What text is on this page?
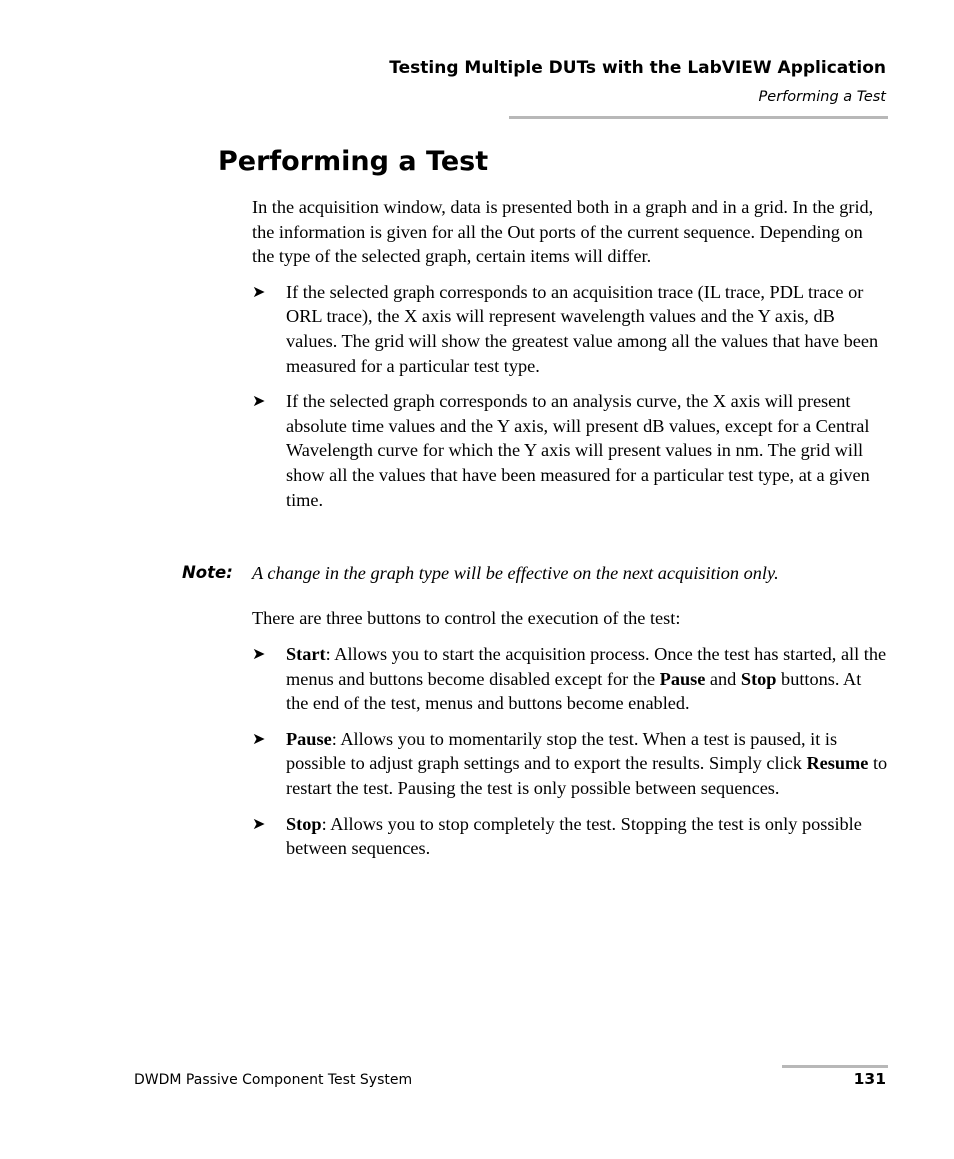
Testing Multiple DUTs with the LabVIEW Application
Performing a Test
Performing a Test

In the acquisition window, data is presented both in a graph and in a grid. In the grid, the information is given for all the Out ports of the current sequence. Depending on the type of the selected graph, certain items will differ.

➤ If the selected graph corresponds to an acquisition trace (IL trace, PDL trace or ORL trace), the X axis will represent wavelength values and the Y axis, dB values. The grid will show the greatest value among all the values that have been measured for a particular test type.
➤ If the selected graph corresponds to an analysis curve, the X axis will present absolute time values and the Y axis, will present dB values, except for a Central Wavelength curve for which the Y axis will present values in nm. The grid will show all the values that have been measured for a particular test type, at a given time.
Note:	A change in the graph type will be effective on the next acquisition only.

There are three buttons to control the execution of the test:

➤ Start: Allows you to start the acquisition process. Once the test has started, all the menus and buttons become disabled except for the Pause and Stop buttons. At the end of the test, menus and buttons become enabled.
➤ Pause: Allows you to momentarily stop the test. When a test is paused, it is possible to adjust graph settings and to export the results. Simply click Resume to restart the test. Pausing the test is only possible between sequences.
➤ Stop: Allows you to stop completely the test. Stopping the test is only possible between sequences.
DWDM Passive Component Test System	131
